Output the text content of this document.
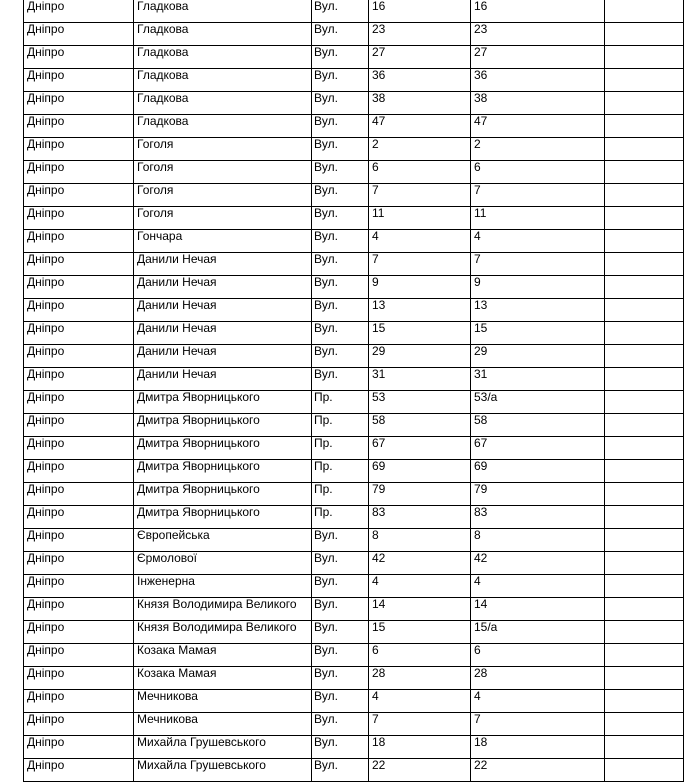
Дніпро	Гладкова	Вул.	16	16	
Дніпро	Гладкова	Вул.	23	23	
Дніпро	Гладкова	Вул.	27	27	
Дніпро	Гладкова	Вул.	36	36	
Дніпро	Гладкова	Вул.	38	38	
Дніпро	Гладкова	Вул.	47	47	
Дніпро	Гоголя	Вул.	2	2	
Дніпро	Гоголя	Вул.	6	6	
Дніпро	Гоголя	Вул.	7	7	
Дніпро	Гоголя	Вул.	11	11	
Дніпро	Гончара	Вул.	4	4	
Дніпро	Данили Нечая	Вул.	7	7	
Дніпро	Данили Нечая	Вул.	9	9	
Дніпро	Данили Нечая	Вул.	13	13	
Дніпро	Данили Нечая	Вул.	15	15	
Дніпро	Данили Нечая	Вул.	29	29	
Дніпро	Данили Нечая	Вул.	31	31	
Дніпро	Дмитра Яворницького	Пр.	53	53/а	
Дніпро	Дмитра Яворницького	Пр.	58	58	
Дніпро	Дмитра Яворницького	Пр.	67	67	
Дніпро	Дмитра Яворницького	Пр.	69	69	
Дніпро	Дмитра Яворницького	Пр.	79	79	
Дніпро	Дмитра Яворницького	Пр.	83	83	
Дніпро	Європейська	Вул.	8	8	
Дніпро	Єрмолової	Вул.	42	42	
Дніпро	Інженерна	Вул.	4	4	
Дніпро	Князя Володимира Великого	Вул.	14	14	
Дніпро	Князя Володимира Великого	Вул.	15	15/а	
Дніпро	Козака Мамая	Вул.	6	6	
Дніпро	Козака Мамая	Вул.	28	28	
Дніпро	Мечникова	Вул.	4	4	
Дніпро	Мечникова	Вул.	7	7	
Дніпро	Михайла Грушевського	Вул.	18	18	
Дніпро	Михайла Грушевського	Вул.	22	22	
